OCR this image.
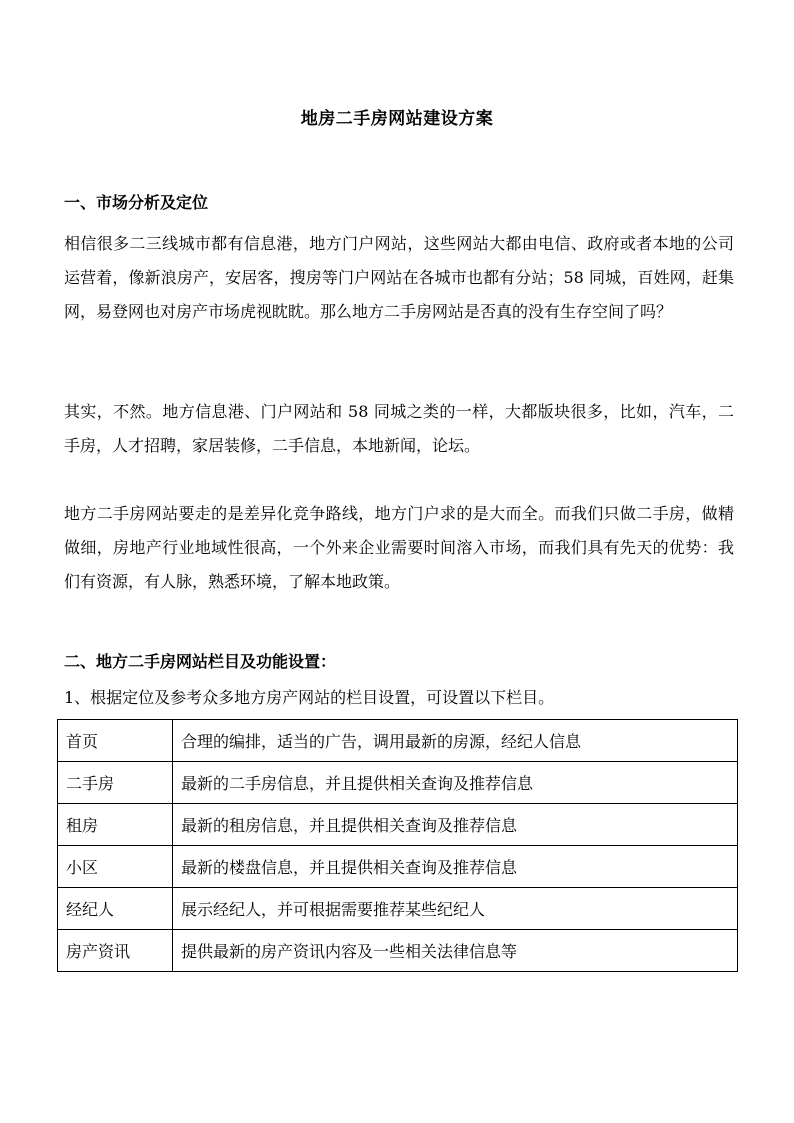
地房二手房网站建设方案
一、市场分析及定位

相信很多二三线城市都有信息港，地方门户网站，这些网站大都由电信、政府或者本地的公司运营着，像新浪房产，安居客，搜房等门户网站在各城市也都有分站；58 同城，百姓网，赶集网，易登网也对房产市场虎视眈眈。那么地方二手房网站是否真的没有生存空间了吗？

其实，不然。地方信息港、门户网站和 58 同城之类的一样，大都版块很多，比如，汽车，二手房，人才招聘，家居装修，二手信息，本地新闻，论坛。

地方二手房网站要走的是差异化竞争路线，地方门户求的是大而全。而我们只做二手房，做精做细，房地产行业地域性很高，一个外来企业需要时间溶入市场，而我们具有先天的优势：我们有资源，有人脉，熟悉环境，了解本地政策。

二、地方二手房网站栏目及功能设置：
1、根据定位及参考众多地方房产网站的栏目设置，可设置以下栏目。
首页	合理的编排，适当的广告，调用最新的房源，经纪人信息
二手房	最新的二手房信息，并且提供相关查询及推荐信息
租房	最新的租房信息，并且提供相关查询及推荐信息
小区	最新的楼盘信息，并且提供相关查询及推荐信息
经纪人	展示经纪人，并可根据需要推荐某些纪纪人
房产资讯	提供最新的房产资讯内容及一些相关法律信息等
